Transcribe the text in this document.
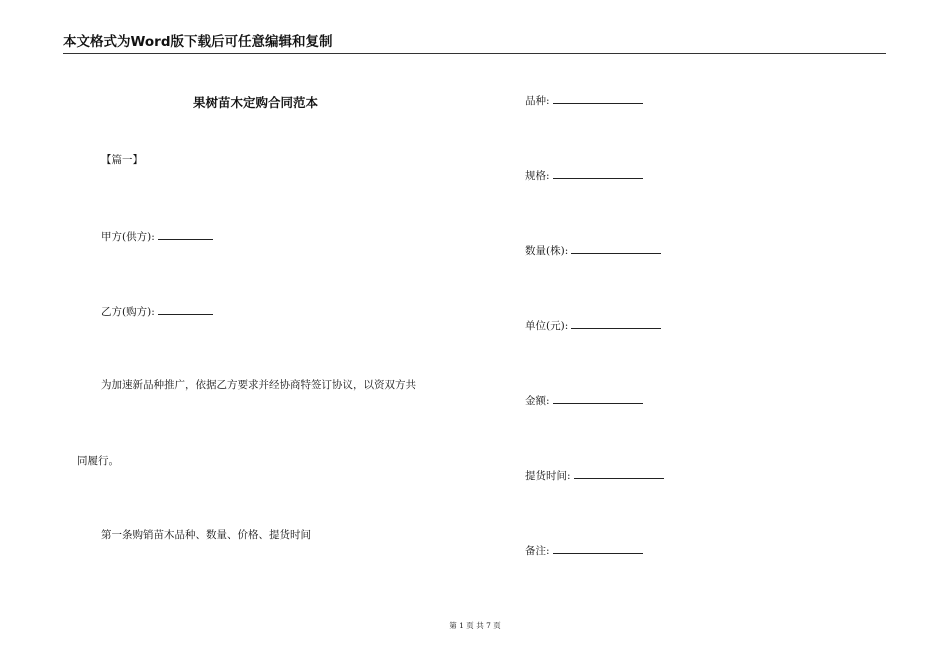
本文格式为Word版下载后可任意编辑和复制
果树苗木定购合同范本
【篇一】
甲方(供方):
乙方(购方):
为加速新品种推广，依据乙方要求并经协商特签订协议，以资双方共
同履行。
第一条购销苗木品种、数量、价格、提货时间
品种:
规格:
数量(株):
单位(元):
金额:
提货时间:
备注:
第 1 页 共 7 页
